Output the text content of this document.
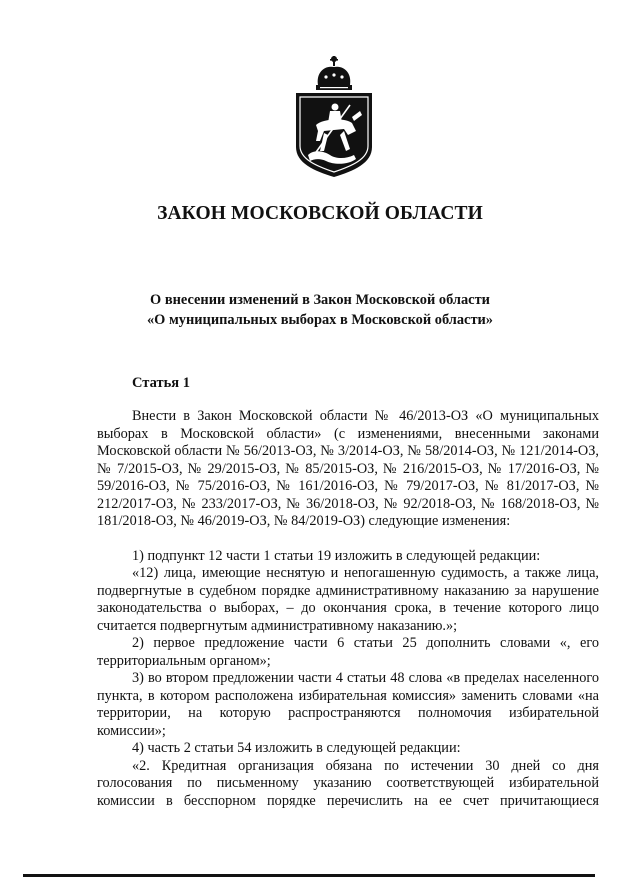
ЗАКОН МОСКОВСКОЙ ОБЛАСТИ
О внесении изменений в Закон Московской области
«О муниципальных выборах в Московской области»
Статья 1

Внести в Закон Московской области № 46/2013-ОЗ «О муниципальных выборах в Московской области» (с изменениями, внесенными законами Московской области № 56/2013-ОЗ, № 3/2014-ОЗ, № 58/2014-ОЗ, № 121/2014-ОЗ, № 7/2015-ОЗ, № 29/2015-ОЗ, № 85/2015-ОЗ, № 216/2015-ОЗ, № 17/2016-ОЗ, № 59/2016-ОЗ, № 75/2016-ОЗ, № 161/2016-ОЗ, № 79/2017-ОЗ, № 81/2017-ОЗ, № 212/2017-ОЗ, № 233/2017-ОЗ, № 36/2018-ОЗ, № 92/2018-ОЗ, № 168/2018-ОЗ, № 181/2018-ОЗ, № 46/2019-ОЗ, № 84/2019-ОЗ) следующие изменения:

1) подпункт 12 части 1 статьи 19 изложить в следующей редакции:

«12) лица, имеющие неснятую и непогашенную судимость, а также лица, подвергнутые в судебном порядке административному наказанию за нарушение законодательства о выборах, – до окончания срока, в течение которого лицо считается подвергнутым административному наказанию.»;

2) первое предложение части 6 статьи 25 дополнить словами «, его территориальным органом»;

3) во втором предложении части 4 статьи 48 слова «в пределах населенного пункта, в котором расположена избирательная комиссия» заменить словами «на территории, на которую распространяются полномочия избирательной комиссии»;

4) часть 2 статьи 54 изложить в следующей редакции:

«2. Кредитная организация обязана по истечении 30 дней со дня голосования по письменному указанию соответствующей избирательной комиссии в бесспорном порядке перечислить на ее счет причитающиеся
